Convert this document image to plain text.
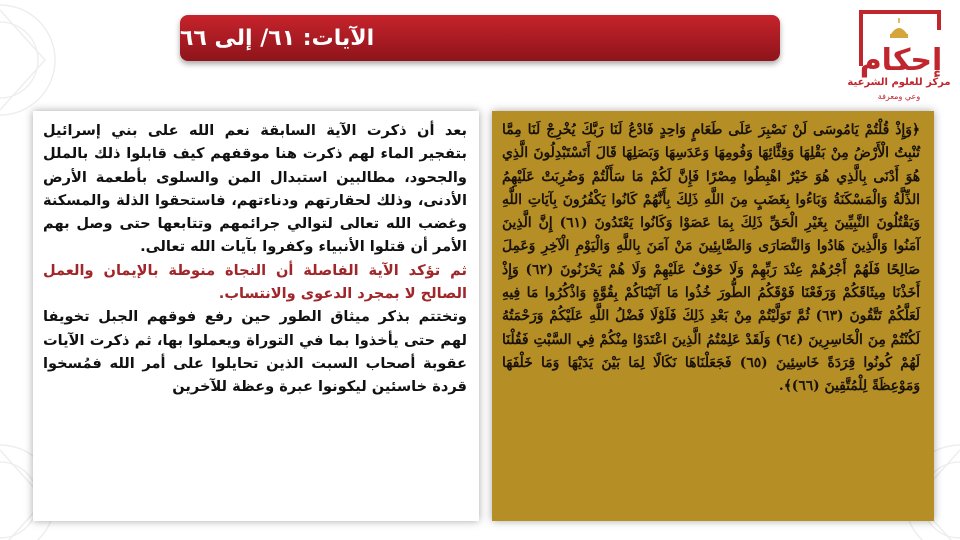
الآيات: ٦١/ إلى ٦٦
إحكام
مركز للعلوم الشرعية
وعي ومعرفة

بعد أن ذكرت الآية السابقة نعم الله على بني إسرائيل بتفجير الماء لهم ذكرت هنا موقفهم كيف قابلوا ذلك بالملل والجحود، مطالبين استبدال المن والسلوى بأطعمة الأرض الأدنى، وذلك لحقارتهم ودناءتهم، فاستحقوا الذلة والمسكنة وغضب الله تعالى لتوالي جرائمهم وتتابعها حتى وصل بهم الأمر أن قتلوا الأنبياء وكفروا بآيات الله تعالى.

ثم تؤكد الآية الفاصلة أن النجاة منوطة بالإيمان والعمل الصالح لا بمجرد الدعوى والانتساب.

وتختتم بذكر ميثاق الطور حين رفع فوقهم الجبل تخويفا لهم حتى يأخذوا بما في التوراة ويعملوا بها، ثم ذكرت الآيات عقوبة أصحاب السبت الذين تحايلوا على أمر الله فمُسخوا قردة خاسئين ليكونوا عبرة وعظة للآخرين

﴿وَإِذْ قُلْتُمْ يَامُوسَى لَنْ نَصْبِرَ عَلَى طَعَامٍ وَاحِدٍ فَادْعُ لَنَا رَبَّكَ يُخْرِجْ لَنَا مِمَّا تُنْبِتُ الْأَرْضُ مِنْ بَقْلِهَا وَقِثَّائِهَا وَفُومِهَا وَعَدَسِهَا وَبَصَلِهَا قَالَ أَتَسْتَبْدِلُونَ الَّذِي هُوَ أَدْنَى بِالَّذِي هُوَ خَيْرٌ اهْبِطُوا مِصْرًا فَإِنَّ لَكُمْ مَا سَأَلْتُمْ وَضُرِبَتْ عَلَيْهِمُ الذِّلَّةُ وَالْمَسْكَنَةُ وَبَاءُوا بِغَضَبٍ مِنَ اللَّهِ ذَلِكَ بِأَنَّهُمْ كَانُوا يَكْفُرُونَ بِآيَاتِ اللَّهِ وَيَقْتُلُونَ النَّبِيِّينَ بِغَيْرِ الْحَقِّ ذَلِكَ بِمَا عَصَوْا وَكَانُوا يَعْتَدُونَ (٦١) إِنَّ الَّذِينَ آمَنُوا وَالَّذِينَ هَادُوا وَالنَّصَارَى وَالصَّابِئِينَ مَنْ آمَنَ بِاللَّهِ وَالْيَوْمِ الْآخِرِ وَعَمِلَ صَالِحًا فَلَهُمْ أَجْرُهُمْ عِنْدَ رَبِّهِمْ وَلَا خَوْفٌ عَلَيْهِمْ وَلَا هُمْ يَحْزَنُونَ (٦٢) وَإِذْ أَخَذْنَا مِيثَاقَكُمْ وَرَفَعْنَا فَوْقَكُمُ الطُّورَ خُذُوا مَا آتَيْنَاكُمْ بِقُوَّةٍ وَاذْكُرُوا مَا فِيهِ لَعَلَّكُمْ تَتَّقُونَ (٦٣) ثُمَّ تَوَلَّيْتُمْ مِنْ بَعْدِ ذَلِكَ فَلَوْلَا فَضْلُ اللَّهِ عَلَيْكُمْ وَرَحْمَتُهُ لَكُنْتُمْ مِنَ الْخَاسِرِينَ (٦٤) وَلَقَدْ عَلِمْتُمُ الَّذِينَ اعْتَدَوْا مِنْكُمْ فِي السَّبْتِ فَقُلْنَا لَهُمْ كُونُوا قِرَدَةً خَاسِئِينَ (٦٥) فَجَعَلْنَاهَا نَكَالًا لِمَا بَيْنَ يَدَيْهَا وَمَا خَلْفَهَا وَمَوْعِظَةً لِلْمُتَّقِينَ (٦٦)﴾.
